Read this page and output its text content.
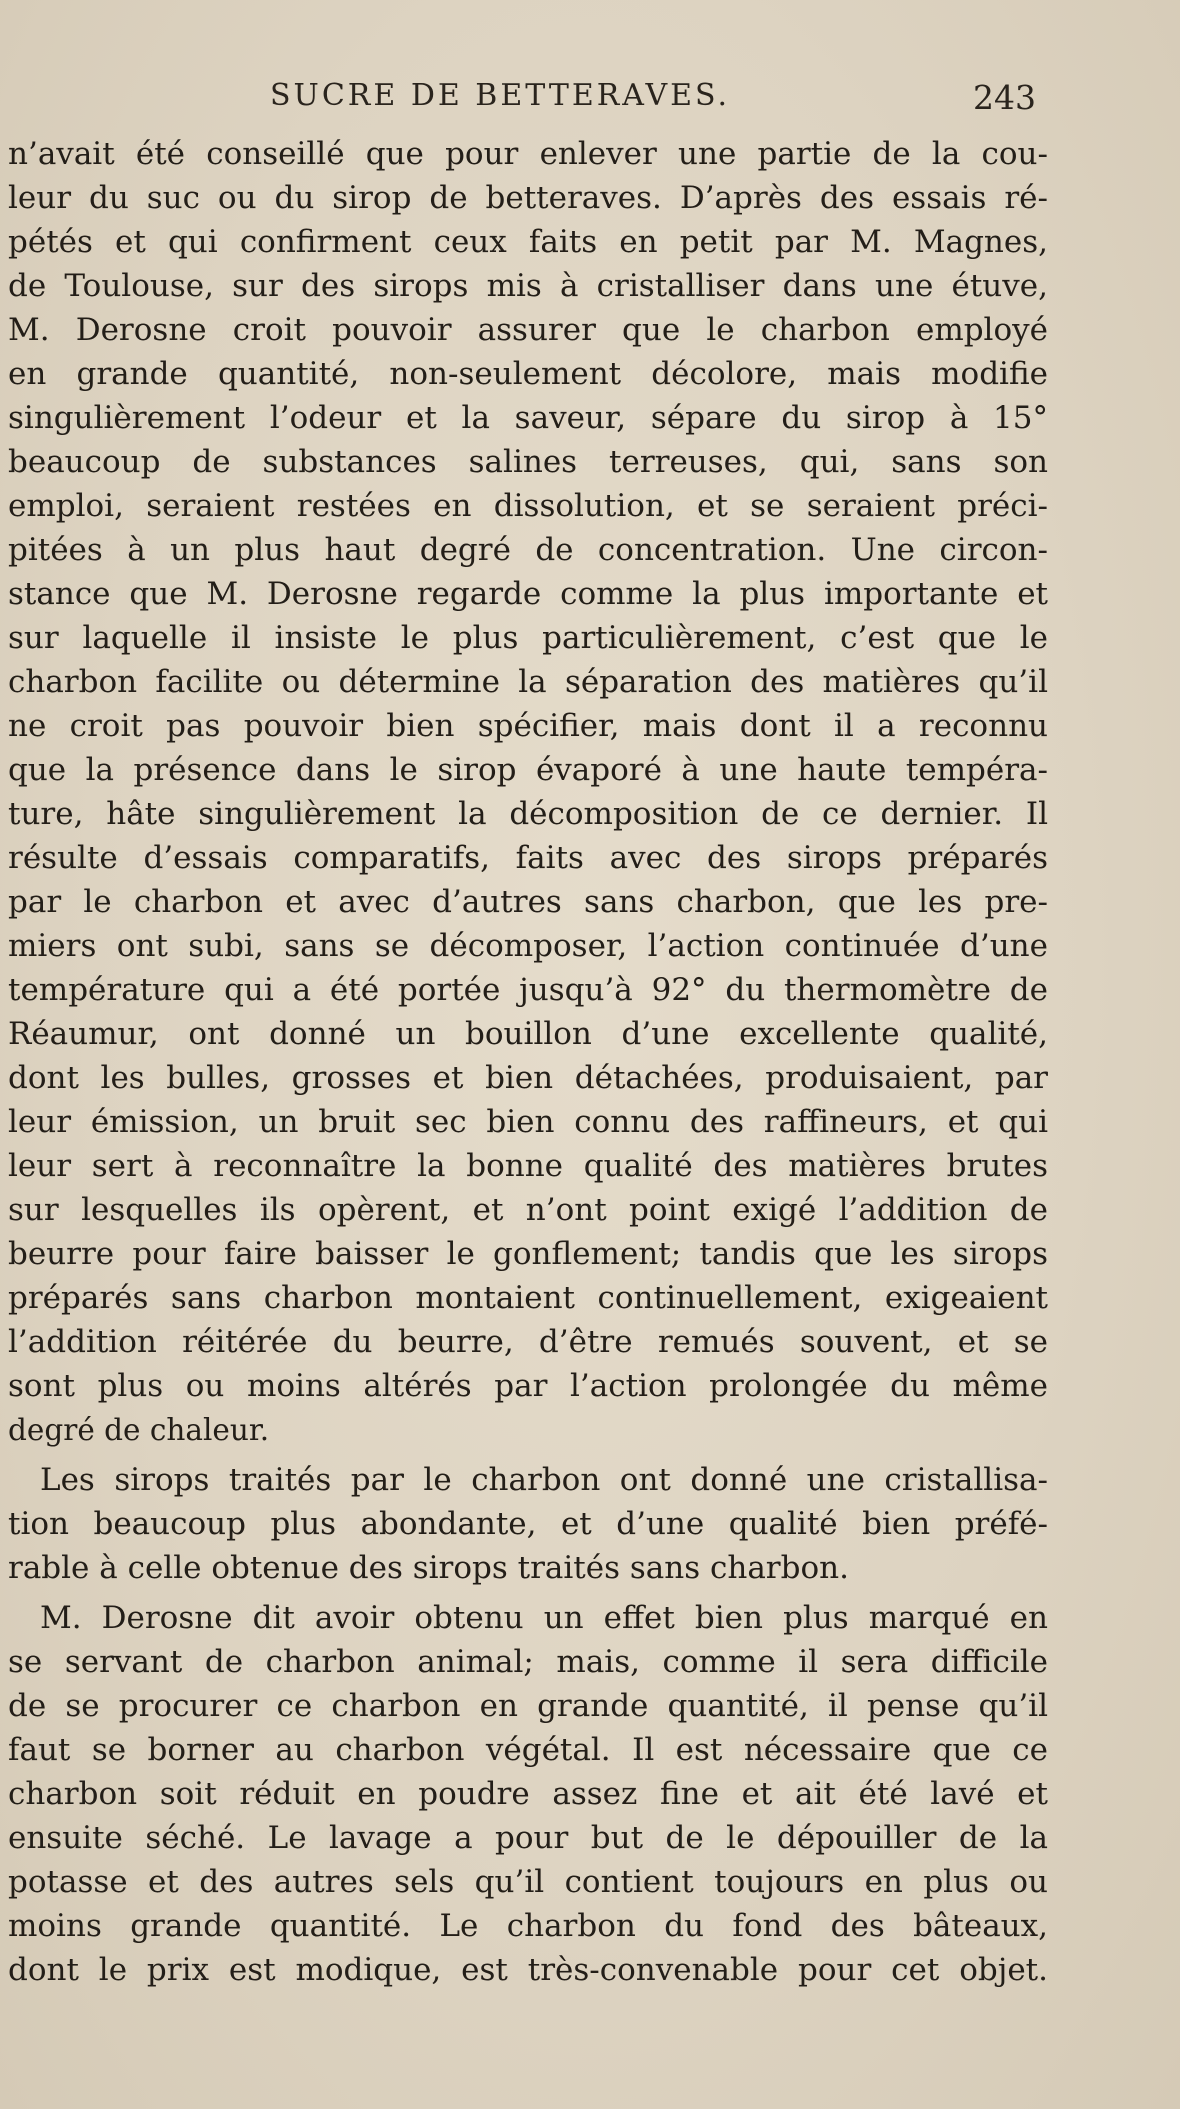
SUCRE DE BETTERAVES.	243

n’avait été conseillé que pour enlever une partie de la cou-

leur du suc ou du sirop de betteraves. D’après des essais ré-

pétés et qui confirment ceux faits en petit par M. Magnes,

de Toulouse, sur des sirops mis à cristalliser dans une étuve,

M. Derosne croit pouvoir assurer que le charbon employé

en grande quantité, non-seulement décolore, mais modifie

singulièrement l’odeur et la saveur, sépare du sirop à 15°

beaucoup de substances salines terreuses, qui, sans son

emploi, seraient restées en dissolution, et se seraient préci-

pitées à un plus haut degré de concentration. Une circon-

stance que M. Derosne regarde comme la plus importante et

sur laquelle il insiste le plus particulièrement, c’est que le

charbon facilite ou détermine la séparation des matières qu’il

ne croit pas pouvoir bien spécifier, mais dont il a reconnu

que la présence dans le sirop évaporé à une haute tempéra-

ture, hâte singulièrement la décomposition de ce dernier. Il

résulte d’essais comparatifs, faits avec des sirops préparés

par le charbon et avec d’autres sans charbon, que les pre-

miers ont subi, sans se décomposer, l’action continuée d’une

température qui a été portée jusqu’à 92° du thermomètre de

Réaumur, ont donné un bouillon d’une excellente qualité,

dont les bulles, grosses et bien détachées, produisaient, par

leur émission, un bruit sec bien connu des raffineurs, et qui

leur sert à reconnaître la bonne qualité des matières brutes

sur lesquelles ils opèrent, et n’ont point exigé l’addition de

beurre pour faire baisser le gonflement; tandis que les sirops

préparés sans charbon montaient continuellement, exigeaient

l’addition réitérée du beurre, d’être remués souvent, et se

sont plus ou moins altérés par l’action prolongée du même

degré de chaleur.

Les sirops traités par le charbon ont donné une cristallisa-

tion beaucoup plus abondante, et d’une qualité bien préfé-

rable à celle obtenue des sirops traités sans charbon.

M. Derosne dit avoir obtenu un effet bien plus marqué en

se servant de charbon animal; mais, comme il sera difficile

de se procurer ce charbon en grande quantité, il pense qu’il

faut se borner au charbon végétal. Il est nécessaire que ce

charbon soit réduit en poudre assez fine et ait été lavé et

ensuite séché. Le lavage a pour but de le dépouiller de la

potasse et des autres sels qu’il contient toujours en plus ou

moins grande quantité. Le charbon du fond des bâteaux,

dont le prix est modique, est très-convenable pour cet objet.
